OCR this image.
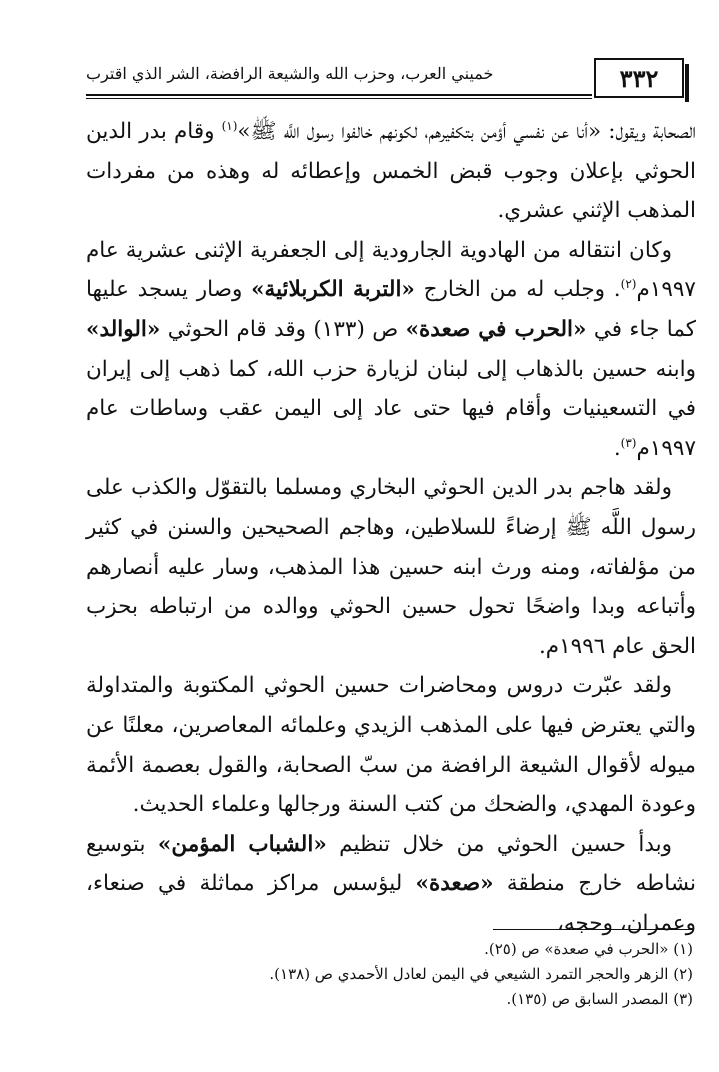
٣٣٢
خميني العرب، وحزب الله والشيعة الرافضة، الشر الذي اقترب

الصحابة ويقول: «أنا عن نفسي أؤمن بتكفيرهم، لكونهم خالفوا رسول اللَّه ﷺ»$^{(١)}$ وقام بدر الدين الحوثي بإعلان وجوب قبض الخمس وإعطائه له وهذه من مفردات المذهب الإثني عشري.

وكان انتقاله من الهادوية الجارودية إلى الجعفرية الإثنى عشرية عام ١٩٩٧م$^{(٢)}$. وجلب له من الخارج «التربة الكربلائية» وصار يسجد عليها كما جاء في «الحرب في صعدة» ص (١٣٣) وقد قام الحوثي «الوالد» وابنه حسين بالذهاب إلى لبنان لزيارة حزب الله، كما ذهب إلى إيران في التسعينيات وأقام فيها حتى عاد إلى اليمن عقب وساطات عام ١٩٩٧م$^{(٣)}$.

ولقد هاجم بدر الدين الحوثي البخاري ومسلما بالتقوّل والكذب على رسول اللَّه ﷺ إرضاءً للسلاطين، وهاجم الصحيحين والسنن في كثير من مؤلفاته، ومنه ورث ابنه حسين هذا المذهب، وسار عليه أنصارهم وأتباعه وبدا واضحًا تحول حسين الحوثي ووالده من ارتباطه بحزب الحق عام ١٩٩٦م.

ولقد عبّرت دروس ومحاضرات حسين الحوثي المكتوبة والمتداولة والتي يعترض فيها على المذهب الزيدي وعلمائه المعاصرين، معلنًا عن ميوله لأقوال الشيعة الرافضة من سبّ الصحابة، والقول بعصمة الأئمة وعودة المهدي، والضحك من كتب السنة ورجالها وعلماء الحديث.

وبدأ حسين الحوثي من خلال تنظيم «الشباب المؤمن» بتوسيع نشاطه خارج منطقة «صعدة» ليؤسس مراكز مماثلة في صنعاء، وعمران، وحجه،

(١) «الحرب في صعدة» ص (٢٥).
(٢) الزهر والحجر التمرد الشيعي في اليمن لعادل الأحمدي ص (١٣٨).
(٣) المصدر السابق ص (١٣٥).
